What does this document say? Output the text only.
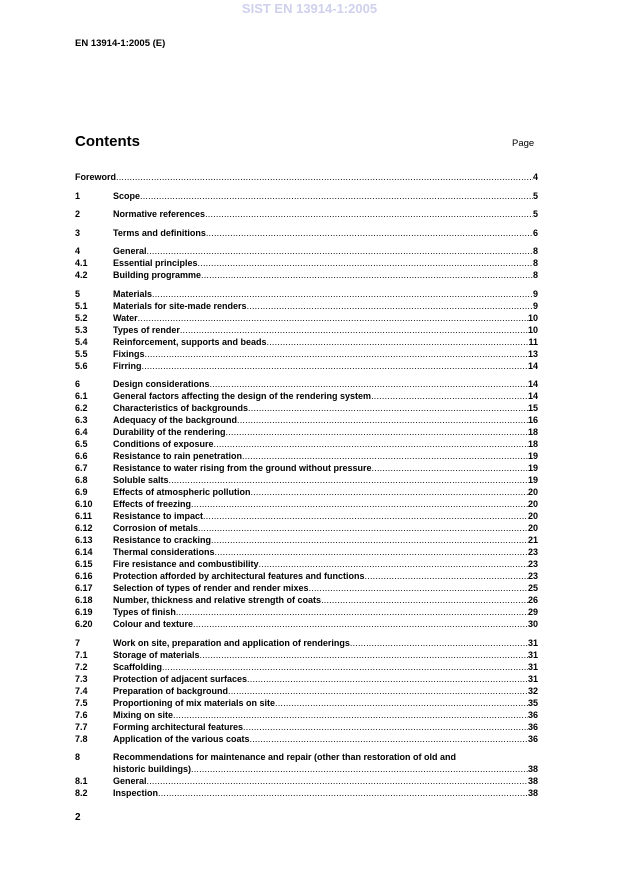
SIST EN 13914-1:2005
EN 13914-1:2005 (E)
Contents	Page
Foreword .....	4
1	Scope .....	5
2	Normative references .....	5
3	Terms and definitions .....	6
4	General .....	8
4.1	Essential principles .....	8
4.2	Building programme .....	8
5	Materials .....	9
5.1	Materials for site-made renders .....	9
5.2	Water .....	10
5.3	Types of render .....	10
5.4	Reinforcement, supports and beads .....	11
5.5	Fixings .....	13
5.6	Firring .....	14
6	Design considerations .....	14
6.1	General factors affecting the design of the rendering system .....	14
6.2	Characteristics of backgrounds .....	15
6.3	Adequacy of the background .....	16
6.4	Durability of the rendering .....	18
6.5	Conditions of exposure .....	18
6.6	Resistance to rain penetration .....	19
6.7	Resistance to water rising from the ground without pressure .....	19
6.8	Soluble salts .....	19
6.9	Effects of atmospheric pollution .....	20
6.10	Effects of freezing .....	20
6.11	Resistance to impact .....	20
6.12	Corrosion of metals .....	20
6.13	Resistance to cracking .....	21
6.14	Thermal considerations .....	23
6.15	Fire resistance and combustibility .....	23
6.16	Protection afforded by architectural features and functions .....	23
6.17	Selection of types of render and render mixes .....	25
6.18	Number, thickness and relative strength of coats .....	26
6.19	Types of finish .....	29
6.20	Colour and texture .....	30
7	Work on site, preparation and application of renderings .....	31
7.1	Storage of materials .....	31
7.2	Scaffolding .....	31
7.3	Protection of adjacent surfaces .....	31
7.4	Preparation of background .....	32
7.5	Proportioning of mix materials on site .....	35
7.6	Mixing on site .....	36
7.7	Forming architectural features .....	36
7.8	Application of the various coats .....	36
8	Recommendations for maintenance and repair (other than restoration of old and
historic buildings) .....	38
8.1	General .....	38
8.2	Inspection .....	38
2
